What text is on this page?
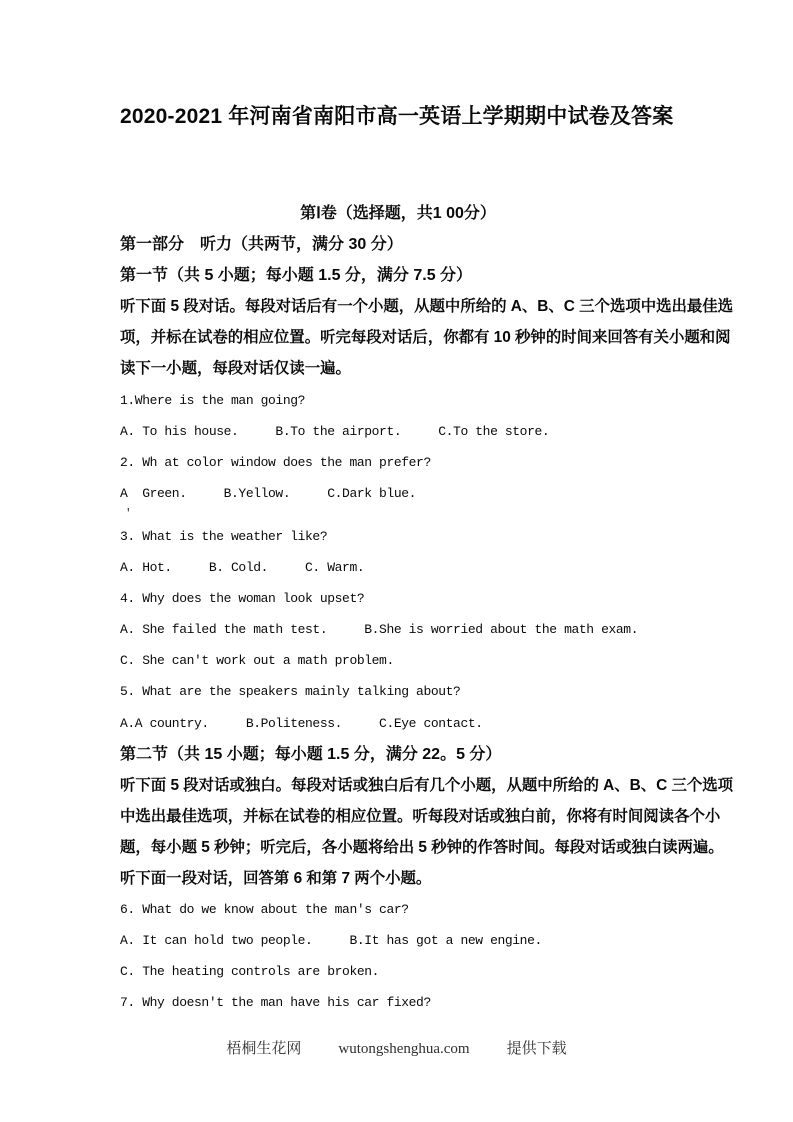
2020-2021 年河南省南阳市高一英语上学期期中试卷及答案
第Ⅰ卷（选择题，共1 00分）
第一部分　听力（共两节，满分 30 分）
第一节（共 5 小题；每小题 1.5 分，满分 7.5 分）
听下面 5 段对话。每段对话后有一个小题，从题中所给的 A、B、C 三个选项中选出最佳选
项，并标在试卷的相应位置。听完每段对话后，你都有 10 秒钟的时间来回答有关小题和阅
读下一小题，每段对话仅读一遍。
1.Where is the man going?
A. To his house.     B.To the airport.     C.To the store.
2. Wh at color window does the man prefer?
A  Green.     B.Yellow.     C.Dark blue.
'
3. What is the weather like?
A. Hot.     B. Cold.     C. Warm.
4. Why does the woman look upset?
A. She failed the math test.     B.She is worried about the math exam.
C. She can't work out a math problem.
5. What are the speakers mainly talking about?
A.A country.     B.Politeness.     C.Eye contact.
第二节（共 15 小题；每小题 1.5 分，满分 22。5 分）
听下面 5 段对话或独白。每段对话或独白后有几个小题，从题中所给的 A、B、C 三个选项
中选出最佳选项，并标在试卷的相应位置。听每段对话或独白前，你将有时间阅读各个小
题，每小题 5 秒钟；听完后，各小题将给出 5 秒钟的作答时间。每段对话或独白读两遍。
听下面一段对话，回答第 6 和第 7 两个小题。
6. What do we know about the man's car?
A. It can hold two people.     B.It has got a new engine.
C. The heating controls are broken.
7. Why doesn't the man have his car fixed?
梧桐生花网 wutongshenghua.com 提供下载
